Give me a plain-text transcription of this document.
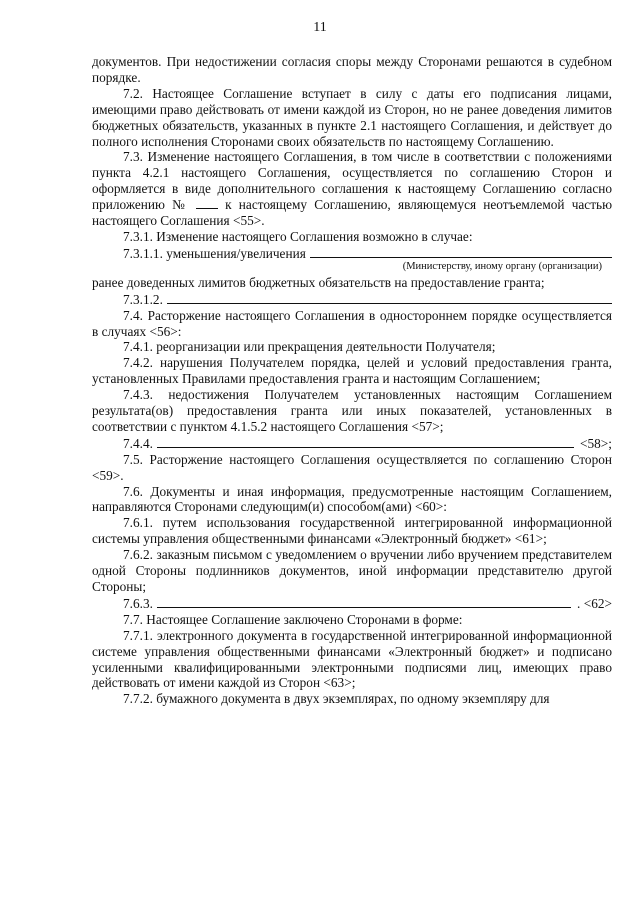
11

документов. При недостижении согласия споры между Сторонами решаются в судебном порядке.

7.2. Настоящее Соглашение вступает в силу с даты его подписания лицами, имеющими право действовать от имени каждой из Сторон, но не ранее доведения лимитов бюджетных обязательств, указанных в пункте 2.1 настоящего Соглашения, и действует до полного исполнения Сторонами своих обязательств по настоящему Соглашению.

7.3. Изменение настоящего Соглашения, в том числе в соответствии с положениями пункта 4.2.1 настоящего Соглашения, осуществляется по соглашению Сторон и оформляется в виде дополнительного соглашения к настоящему Соглашению согласно приложению №	к настоящему Соглашению, являющемуся неотъемлемой частью настоящего Соглашения <55>.

7.3.1. Изменение настоящего Соглашения возможно в случае:

7.3.1.1. уменьшения/увеличения
(Министерству, иному органу (организации)

ранее доведенных лимитов бюджетных обязательств на предоставление гранта;

7.3.1.2.

7.4. Расторжение настоящего Соглашения в одностороннем порядке осуществляется в случаях <56>:

7.4.1. реорганизации или прекращения деятельности Получателя;

7.4.2. нарушения Получателем порядка, целей и условий предоставления гранта, установленных Правилами предоставления гранта и настоящим Соглашением;

7.4.3. недостижения Получателем установленных настоящим Соглашением результата(ов) предоставления гранта или иных показателей, установленных в соответствии с пунктом 4.1.5.2 настоящего Соглашения <57>;

7.4.4.	<58>;

7.5. Расторжение настоящего Соглашения осуществляется по соглашению Сторон <59>.

7.6. Документы и иная информация, предусмотренные настоящим Соглашением, направляются Сторонами следующим(и) способом(ами) <60>:

7.6.1. путем использования государственной интегрированной информационной системы управления общественными финансами «Электронный бюджет» <61>;

7.6.2. заказным письмом с уведомлением о вручении либо вручением представителем одной Стороны подлинников документов, иной информации представителю другой Стороны;

7.6.3.	. <62>

7.7. Настоящее Соглашение заключено Сторонами в форме:

7.7.1. электронного документа в государственной интегрированной информационной системе управления общественными финансами «Электронный бюджет» и подписано усиленными квалифицированными электронными подписями лиц, имеющих право действовать от имени каждой из Сторон <63>;

7.7.2. бумажного документа в двух экземплярах, по одному экземпляру для
